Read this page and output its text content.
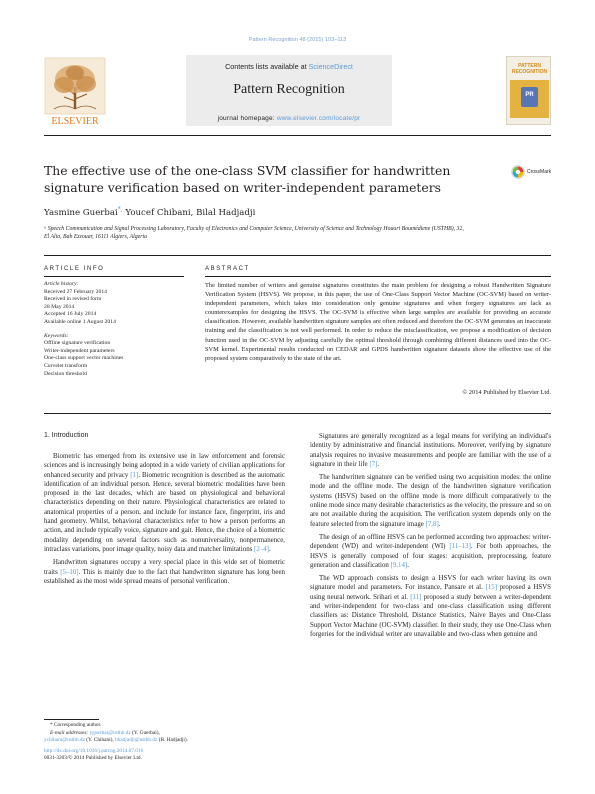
Pattern Recognition 48 (2015) 103–113
ELSEVIER
Contents lists available at ScienceDirect
Pattern Recognition
journal homepage: www.elsevier.com/locate/pr
PATTERN
RECOGNITION
PR
The effective use of the one-class SVM classifier for handwritten signature verification based on writer-independent parameters
CrossMark
Yasmine Guerbai*, Youcef Chibani, Bilal Hadjadji
ᵃ Speech Communication and Signal Processing Laboratory, Faculty of Electronics and Computer Science, University of Science and Technology Houari Boumédiene (USTHB), 32, El Alia, Bab Ezzouar, 16111 Algiers, Algeria
ARTICLE INFO
Article history:
Received 27 February 2014
Received in revised form
28 May 2014
Accepted 16 July 2014
Available online 1 August 2014
Keywords:
Offline signature verification
Writer-independent parameters
One-class support vector machines
Curvelet transform
Decision threshold
ABSTRACT
The limited number of writers and genuine signatures constitutes the main problem for designing a robust Handwritten Signature Verification System (HSVS). We propose, in this paper, the use of One-Class Support Vector Machine (OC-SVM) based on writer-independent parameters, which takes into consideration only genuine signatures and when forgery signatures are lack as counterexamples for designing the HSVS. The OC-SVM is effective when large samples are available for providing an accurate classification. However, available handwritten signature samples are often reduced and therefore the OC-SVM generates an inaccurate training and the classification is not well performed. In order to reduce the misclassification, we propose a modification of decision function used in the OC-SVM by adjusting carefully the optimal threshold through combining different distances used into the OC-SVM kernel. Experimental results conducted on CEDAR and GPDS handwritten signature datasets show the effective use of the proposed system comparatively to the state of the art.
© 2014 Published by Elsevier Ltd.
1. Introduction

Biometric has emerged from its extensive use in law enforcement and forensic sciences and is increasingly being adopted in a wide variety of civilian applications for enhanced security and privacy [1]. Biometric recognition is described as the automatic identification of an individual person. Hence, several biometric modalities have been proposed in the last decades, which are based on physiological and behavioral characteristics depending on their nature. Physiological characteristics are related to anatomical properties of a person, and include for instance face, fingerprint, iris and hand geometry. Whilst, behavioral characteristics refer to how a person performs an action, and include typically voice, signature and gait. Hence, the choice of a biometric modality depending on several factors such as nonuniversality, nonpermanence, intraclass variations, poor image quality, noisy data and matcher limitations [2–4].

Handwritten signatures occupy a very special place in this wide set of biometric traits [5–10]. This is mainly due to the fact that handwritten signature has long been established as the most wide spread means of personal verification.

Signatures are generally recognized as a legal means for verifying an individual's identity by administrative and financial institutions. Moreover, verifying by signature analysis requires no invasive measurements and people are familiar with the use of a signature in their life [7].

The handwritten signature can be verified using two acquisition modes: the online mode and the offline mode. The design of the handwritten signature verification systems (HSVS) based on the offline mode is more difficult comparatively to the online mode since many desirable characteristics as the velocity, the pressure and so on are not available during the acquisition. The verification system depends only on the feature selected from the signature image [7,8].

The design of an offline HSVS can be performed according two approaches: writer-dependent (WD) and writer-independent (WI) [11–13]. For both approaches, the HSVS is generally composed of four stages: acquisition, preprocessing, feature generation and classification [9,14].

The WD approach consists to design a HSVS for each writer having its own signature model and parameters. For instance, Pansare et al. [15] proposed a HSVS using neural network. Srihari et al. [11] proposed a study between a writer-dependent and writer-independent for two-class and one-class classification using different classifiers as: Distance Threshold, Distance Statistics, Naive Bayes and One-Class Support Vector Machine (OC-SVM) classifier. In their study, they use One-Class when forgeries for the individual writer are unavailable and two-class when genuine and

* Corresponding author.
E-mail addresses: yguerbai@usthb.dz (Y. Guerbai),
ychibani@usthb.dz (Y. Chibani), bhadjadji@usthb.dz (B. Hadjadji).
http://dx.doi.org/10.1016/j.patcog.2014.07.016
0031-3203/© 2014 Published by Elsevier Ltd.
